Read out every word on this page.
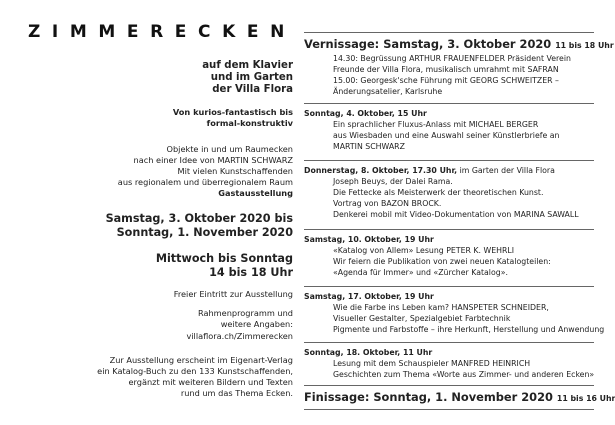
ZIMMERECKEN
auf dem Klavier
und im Garten
der Villa Flora
Von kurios-fantastisch bis
formal-konstruktiv
Objekte in und um Raumecken
nach einer Idee von MARTIN SCHWARZ
Mit vielen Kunstschaffenden
aus regionalem und überregionalem Raum
Gastausstellung
Samstag, 3. Oktober 2020 bis
Sonntag, 1. November 2020
Mittwoch bis Sonntag
14 bis 18 Uhr
Freier Eintritt zur Ausstellung
Rahmenprogramm und
weitere Angaben:
villaflora.ch/Zimmerecken
Zur Ausstellung erscheint im Eigenart-Verlag
ein Katalog-Buch zu den 133 Kunstschaffenden,
ergänzt mit weiteren Bildern und Texten
rund um das Thema Ecken.
Vernissage: Samstag, 3. Oktober 2020 11 bis 18 Uhr
14.30: Begrüssung ARTHUR FRAUENFELDER Präsident Verein
Freunde der Villa Flora, musikalisch umrahmt mit SAFRAN
15.00: Georgesk'sche Führung mit GEORG SCHWEITZER –
Änderungsatelier, Karlsruhe
Sonntag, 4. Oktober, 15 Uhr
Ein sprachlicher Fluxus-Anlass mit MICHAEL BERGER
aus Wiesbaden und eine Auswahl seiner Künstlerbriefe an
MARTIN SCHWARZ
Donnerstag, 8. Oktober, 17.30 Uhr, im Garten der Villa Flora
Joseph Beuys, der Dalei Rama.
Die Fettecke als Meisterwerk der theoretischen Kunst.
Vortrag von BAZON BROCK.
Denkerei mobil mit Video-Dokumentation von MARINA SAWALL
Samstag, 10. Oktober, 19 Uhr
«Katalog von Allem» Lesung PETER K. WEHRLI
Wir feiern die Publikation von zwei neuen Katalogteilen:
«Agenda für Immer» und «Zürcher Katalog».
Samstag, 17. Oktober, 19 Uhr
Wie die Farbe ins Leben kam? HANSPETER SCHNEIDER,
Visueller Gestalter, Spezialgebiet Farbtechnik
Pigmente und Farbstoffe – ihre Herkunft, Herstellung und Anwendung
Sonntag, 18. Oktober, 11 Uhr
Lesung mit dem Schauspieler MANFRED HEINRICH
Geschichten zum Thema «Worte aus Zimmer- und anderen Ecken»
Finissage: Sonntag, 1. November 2020 11 bis 16 Uhr
